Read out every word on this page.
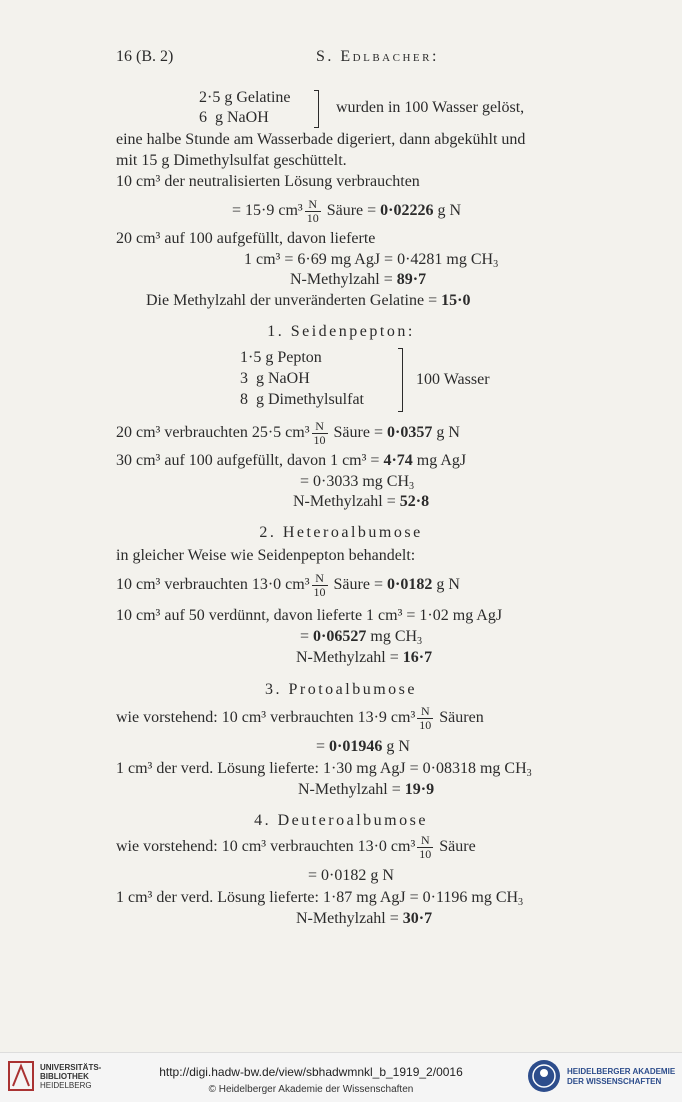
16 (B. 2)	S. Edlbacher:
2·5 g Gelatine
6  g NaOH
wurden in 100 Wasser gelöst,
eine halbe Stunde am Wasserbade digeriert, dann abgekühlt und
mit 15 g Dimethylsulfat geschüttelt.
10 cm³ der neutralisierten Lösung verbrauchten
= 15·9 $cm^3 \frac{N}{10}$ Säure = 0·02226 g N
20 cm³ auf 100 aufgefüllt, davon lieferte
1 cm³ = 6·69 mg AgJ = 0·4281 mg $CH_3$
N-Methylzahl = 89·7
Die Methylzahl der unveränderten Gelatine = 15·0
1. Seidenpepton:
1·5 g Pepton
3  g NaOH
8  g Dimethylsulfat
100 Wasser
20 cm³ verbrauchten 25·5 $cm^3 \frac{N}{10}$ Säure = 0·0357 g N
30 cm³ auf 100 aufgefüllt, davon 1 cm³ = 4·74 mg AgJ
= 0·3033 mg $CH_3$
N-Methylzahl = 52·8
2. Heteroalbumose
in gleicher Weise wie Seidenpepton behandelt:
10 cm³ verbrauchten 13·0 $cm^3 \frac{N}{10}$ Säure = 0·0182 g N
10 cm³ auf 50 verdünnt, davon lieferte 1 cm³ = 1·02 mg AgJ
= 0·06527 mg $CH_3$
N-Methylzahl = 16·7
3. Protoalbumose
wie vorstehend: 10 cm³ verbrauchten 13·9 $cm^3 \frac{N}{10}$ Säuren
= 0·01946 g N
1 cm³ der verd. Lösung lieferte: 1·30 mg AgJ = 0·08318 mg $CH_3$
N-Methylzahl = 19·9
4. Deuteroalbumose
wie vorstehend: 10 cm³ verbrauchten 13·0 $cm^3 \frac{N}{10}$ Säure
= 0·0182 g N
1 cm³ der verd. Lösung lieferte: 1·87 mg AgJ = 0·1196 mg $CH_3$
N-Methylzahl = 30·7
UNIVERSITÄTS-
BIBLIOTHEK
HEIDELBERG
http://digi.hadw-bw.de/view/sbhadwmnkl_b_1919_2/0016
© Heidelberger Akademie der Wissenschaften
HEIDELBERGER AKADEMIE
DER WISSENSCHAFTEN
